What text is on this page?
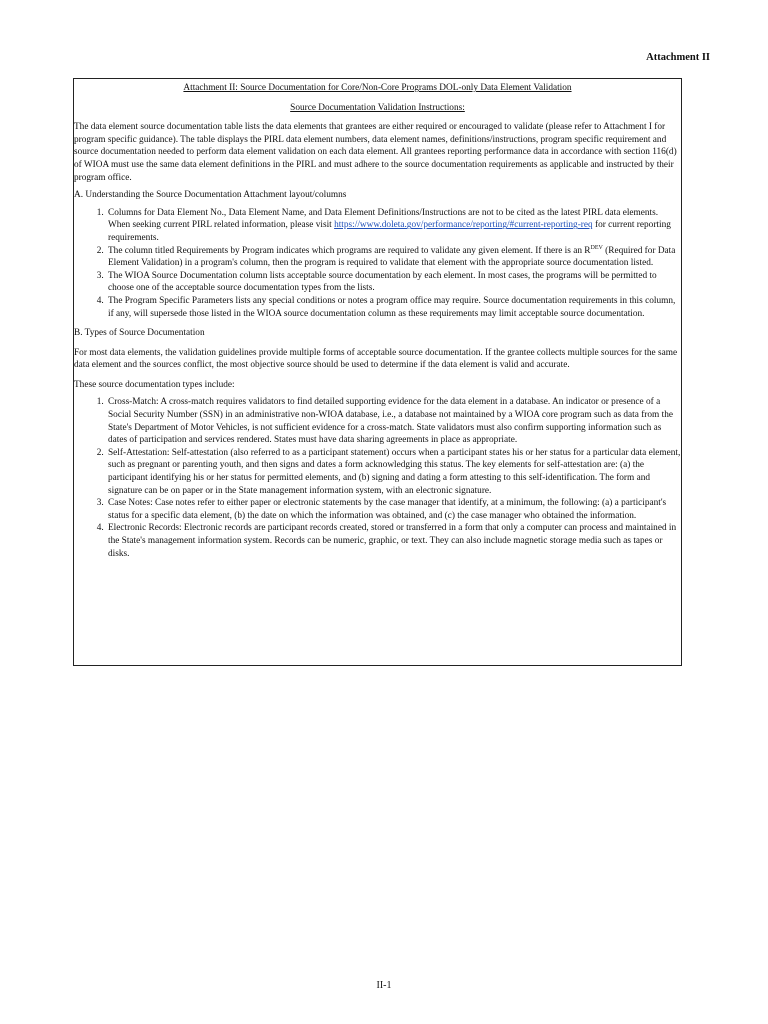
Attachment II
Attachment II: Source Documentation for Core/Non-Core Programs DOL-only Data Element Validation
Source Documentation Validation Instructions:

The data element source documentation table lists the data elements that grantees are either required or encouraged to validate (please refer to Attachment I for program specific guidance). The table displays the PIRL data element numbers, data element names, definitions/instructions, program specific requirement and source documentation needed to perform data element validation on each data element. All grantees reporting performance data in accordance with section 116(d) of WIOA must use the same data element definitions in the PIRL and must adhere to the source documentation requirements as applicable and instructed by their program office.

A. Understanding the Source Documentation Attachment layout/columns

1. Columns for Data Element No., Data Element Name, and Data Element Definitions/Instructions are not to be cited as the latest PIRL data elements. When seeking current PIRL related information, please visit https://www.doleta.gov/performance/reporting/#current-reporting-req for current reporting requirements.
2. The column titled Requirements by Program indicates which programs are required to validate any given element. If there is an $R^{DEV}$ (Required for Data Element Validation) in a program's column, then the program is required to validate that element with the appropriate source documentation listed.
3. The WIOA Source Documentation column lists acceptable source documentation by each element. In most cases, the programs will be permitted to choose one of the acceptable source documentation types from the lists.
4. The Program Specific Parameters lists any special conditions or notes a program office may require. Source documentation requirements in this column, if any, will supersede those listed in the WIOA source documentation column as these requirements may limit acceptable source documentation.

B. Types of Source Documentation

For most data elements, the validation guidelines provide multiple forms of acceptable source documentation. If the grantee collects multiple sources for the same data element and the sources conflict, the most objective source should be used to determine if the data element is valid and accurate.

These source documentation types include:

1. Cross-Match: A cross-match requires validators to find detailed supporting evidence for the data element in a database. An indicator or presence of a Social Security Number (SSN) in an administrative non-WIOA database, i.e., a database not maintained by a WIOA core program such as data from the State's Department of Motor Vehicles, is not sufficient evidence for a cross-match. State validators must also confirm supporting information such as dates of participation and services rendered. States must have data sharing agreements in place as appropriate.
2. Self-Attestation: Self-attestation (also referred to as a participant statement) occurs when a participant states his or her status for a particular data element, such as pregnant or parenting youth, and then signs and dates a form acknowledging this status. The key elements for self-attestation are: (a) the participant identifying his or her status for permitted elements, and (b) signing and dating a form attesting to this self-identification. The form and signature can be on paper or in the State management information system, with an electronic signature.
3. Case Notes: Case notes refer to either paper or electronic statements by the case manager that identify, at a minimum, the following: (a) a participant's status for a specific data element, (b) the date on which the information was obtained, and (c) the case manager who obtained the information.
4. Electronic Records: Electronic records are participant records created, stored or transferred in a form that only a computer can process and maintained in the State's management information system. Records can be numeric, graphic, or text. They can also include magnetic storage media such as tapes or disks.
II-1
